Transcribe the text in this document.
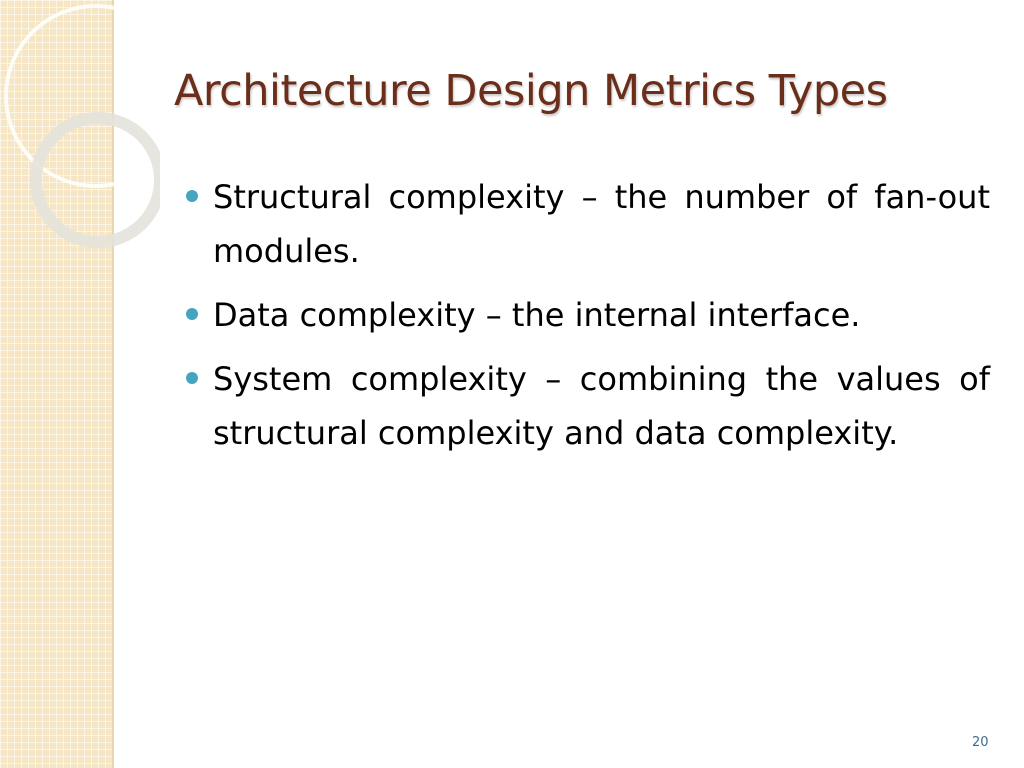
Architecture Design Metrics Types
Structural complexity – the number of fan-out modules.
Data complexity – the internal interface.
System complexity – combining the values of structural complexity and data complexity.
20
